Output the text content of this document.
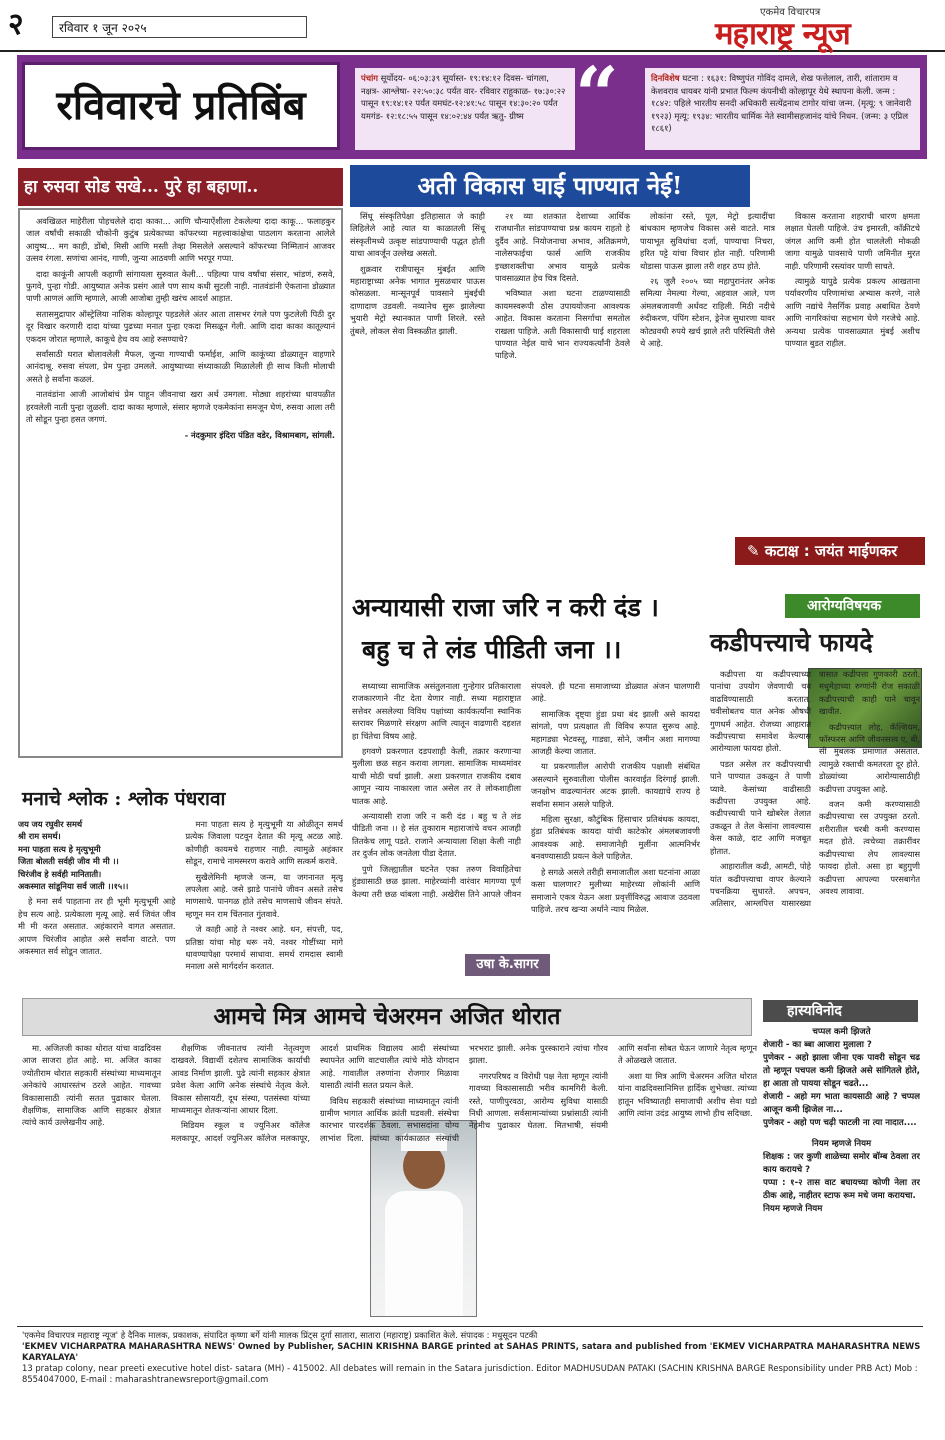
२	रविवार १ जून २०२५
एकमेव विचारपत्र
महाराष्ट्र न्यूज
रविवारचे प्रतिबिंब
पंचांग सूर्योदय- ०६:०३:३९ सूर्यास्त- १९:१४:१२ दिवस- चांगला, नक्षत्र- आश्लेषा- २२:५०:३८ पर्यंत वार- रविवार राहूकाळ- १७:३०:२२ पासून १९:१४:१२ पर्यंत यमघंट-१२:४१:५८ पासून १४:३०:२० पर्यंत यमगंड- १२:१८:५५ पासून १४:०२:४४ पर्यंत ऋतु- ग्रीष्म “	दिनविशेष घटना : १६३१: विष्णुपंत गोविंद दामले, शेख फत्तेलाल, तारी, शांताराम व केशवराव धायबर यांनी प्रभात फिल्म कंपनीची कोल्हापूर येथे स्थापना केली. जन्म : १८४२: पहिले भारतीय सनदी अधिकारी सत्येंद्रनाथ टागोर यांचा जन्म. (मृत्यू: ९ जानेवारी १९२३) मृत्यू: १९३४: भारतीय धार्मिक नेते स्वामीसहजानंद यांचे निधन. (जन्म: ३ एप्रिल १८६१)
हा रुसवा सोड सखे... पुरे हा बहाणा..

अवखिळत माहेरीला पोहचलेले दादा काका... आणि चौन्याऐंशीला टेकलेल्या दादा काकू... फलाहकुर जाल वर्षांची सकाळी चौकोनी कुटुंब प्रत्येकाच्या कॉफरच्या महत्त्वाकांक्षेचा पाठलाग करताना आलेले आयुष्य... मग काही, डोंबो, मिसी आणि मस्ती तेव्हा मिसलेले असल्याने कॉफरच्या निम्मितानं आजवर उत्सव रंगला. सणांचा आनंद, गाणी, जुन्या आठवणी आणि भरपूर गप्पा.

दादा काकूंनी आपली कहाणी सांगायला सुरुवात केली... पहिल्या पाच वर्षांचा संसार, भांडणं, रुसवे, फुगवे, पुन्हा गोडी. आयुष्यात अनेक प्रसंग आले पण साथ कधी सुटली नाही. नातवंडांनी ऐकताना डोळ्यात पाणी आणलं आणि म्हणाले, आजी आजोबा तुम्ही खरंच आदर्श आहात.

सतासमुद्रापार ऑस्ट्रेलिया नाशिक कोल्हापूर पहडलेले अंतर आता तासभर रंगले पण फुटलेली पिठी दुर दूर विखार करणारी दादा यांच्या पुढच्या मनात पुन्हा एकदा मिसळून गेली. आणि दादा काका कातूल्यानं एकदम जोरात म्हणाले, काकूचे हेच वय आहे रुसण्याचे?

सर्वांसाठी घरात बोलावलेली मैफल, जुन्या गाण्याची फर्माईश, आणि काकूंच्या डोळ्यातून वाहणारे आनंदाश्रू. रुसवा संपला, प्रेम पुन्हा उमलले. आयुष्याच्या संध्याकाळी मिळालेली ही साथ किती मोलाची असते हे सर्वांना कळलं.

नातवंडांना आजी आजोबांचं प्रेम पाहून जीवनाचा खरा अर्थ उमगला. मोठ्या शहरांच्या धावपळीत हरवलेली नाती पुन्हा जुळली. दादा काका म्हणाले, संसार म्हणजे एकमेकांना समजून घेणं, रुसवा आला तरी तो सोडून पुन्हा हसत जगणं.

- नंदकुमार इंदिरा पंडित वडेर, विश्रामबाग, सांगली.
अती विकास घाई पाण्यात नेई!

सिंधू संस्कृतिपेक्षा इतिहासात जे काही लिहिलेले आहे त्यात या काळातली सिंधू संस्कृतीमध्ये उत्कृष्ट सांडपाण्याची पद्धत होती याचा आवर्जून उल्लेख असतो.

शुक्रवार रात्रीपासून मुंबईत आणि महाराष्ट्राच्या अनेक भागात मुसळधार पाऊस कोसळला. मान्सूनपूर्व पावसाने मुंबईची दाणादाण उडवली. नव्यानेच सुरू झालेल्या भुयारी मेट्रो स्थानकात पाणी शिरले. रस्ते तुंबले, लोकल सेवा विस्कळीत झाली.

२१ व्या शतकात देशाच्या आर्थिक राजधानीत सांडपाण्याचा प्रश्न कायम राहतो हे दुर्दैव आहे. नियोजनाचा अभाव, अतिक्रमणे, नालेसफाईचा फार्स आणि राजकीय इच्छाशक्तीचा अभाव यामुळे प्रत्येक पावसाळ्यात हेच चित्र दिसते.

भविष्यात अशा घटना टाळण्यासाठी कायमस्वरूपी ठोस उपाययोजना आवश्यक आहेत. विकास करताना निसर्गाचा समतोल राखला पाहिजे. अती विकासाची घाई शहराला पाण्यात नेईल याचे भान राज्यकर्त्यांनी ठेवले पाहिजे.

लोकांना रस्ते, पूल, मेट्रो इत्यादींचा बांधकाम म्हणजेच विकास असे वाटते. मात्र पायाभूत सुविधांचा दर्जा, पाण्याचा निचरा, हरित पट्टे यांचा विचार होत नाही. परिणामी थोडासा पाऊस झाला तरी शहर ठप्प होते.

२६ जुलै २००५ च्या महापुरानंतर अनेक समित्या नेमल्या गेल्या, अहवाल आले, पण अंमलबजावणी अर्धवट राहिली. मिठी नदीचे रुंदीकरण, पंपिंग स्टेशन, ड्रेनेज सुधारणा यावर कोट्यवधी रुपये खर्च झाले तरी परिस्थिती जैसे थे आहे.

विकास करताना शहराची धारण क्षमता लक्षात घेतली पाहिजे. उंच इमारती, काँक्रीटचे जंगल आणि कमी होत चाललेली मोकळी जागा यामुळे पावसाचे पाणी जमिनीत मुरत नाही. परिणामी रस्त्यांवर पाणी साचते.

त्यामुळे यापुढे प्रत्येक प्रकल्प आखताना पर्यावरणीय परिणामांचा अभ्यास करणे, नाले आणि नद्यांचे नैसर्गिक प्रवाह अबाधित ठेवणे आणि नागरिकांचा सहभाग घेणे गरजेचे आहे. अन्यथा प्रत्येक पावसाळ्यात मुंबई अशीच पाण्यात बुडत राहील.

✎ कटाक्ष : जयंत माईणकर
अन्यायासी राजा जरि न करी दंड ।
बहु च ते लंड पीडिती जना ।।

सध्याच्या सामाजिक असंतुलनाला गुन्हेगार प्रतिकाराला राजकारणाने नीट देता येणार नाही. सध्या महाराष्ट्रात सत्तेवर असलेल्या विविध पक्षांच्या कार्यकर्त्यांना स्थानिक स्तरावर मिळणारे संरक्षण आणि त्यातून वाढणारी दहशत हा चिंतेचा विषय आहे.

हगवणे प्रकरणात दडपशाही केली, तक्रार करणाऱ्या मुलीला छळ सहन करावा लागला. सामाजिक माध्यमांवर याची मोठी चर्चा झाली. अशा प्रकरणात राजकीय दबाव आणून न्याय नाकारला जात असेल तर ते लोकशाहीला घातक आहे.

अन्यायासी राजा जरि न करी दंड । बहु च ते लंड पीडिती जना ।। हे संत तुकाराम महाराजांचे वचन आजही तितकेच लागू पडते. राजाने अन्यायाला शिक्षा केली नाही तर दुर्जन लोक जनतेला पीडा देतात.

पुणे जिल्ह्यातील घटनेत एका तरुण विवाहितेचा हुंड्यासाठी छळ झाला. माहेरच्यांनी वारंवार मागण्या पूर्ण केल्या तरी छळ थांबला नाही. अखेरीस तिने आपले जीवन संपवले. ही घटना समाजाच्या डोळ्यात अंजन घालणारी आहे.

सामाजिक दृष्ट्या हुंडा प्रथा बंद झाली असे कायदा सांगतो, पण प्रत्यक्षात ती विविध रूपात सुरूच आहे. महागड्या भेटवस्तू, गाड्या, सोने, जमीन अशा मागण्या आजही केल्या जातात.

या प्रकरणातील आरोपी राजकीय पक्षाशी संबंधित असल्याने सुरुवातीला पोलीस कारवाईत दिरंगाई झाली. जनक्षोभ वाढल्यानंतर अटक झाली. कायद्याचे राज्य हे सर्वांना समान असले पाहिजे.

महिला सुरक्षा, कौटुंबिक हिंसाचार प्रतिबंधक कायदा, हुंडा प्रतिबंधक कायदा यांची काटेकोर अंमलबजावणी आवश्यक आहे. समाजानेही मुलींना आत्मनिर्भर बनवण्यासाठी प्रयत्न केले पाहिजेत.

हे सगळे असले तरीही समाजातील अशा घटनांना आळा कसा घालणार? मुलीच्या माहेरच्या लोकांनी आणि समाजाने एकत्र येऊन अशा प्रवृत्तींविरुद्ध आवाज उठवला पाहिजे. तरच खऱ्या अर्थाने न्याय मिळेल.

उषा के.सागर
आरोग्यविषयक
कडीपत्त्याचे फायदे

कढीपत्ता या कढीपत्त्याच्या पानांचा उपयोग जेवणाची चव वाढविण्यासाठी करतात. चवीसोबतच यात अनेक औषधी गुणधर्म आहेत. रोजच्या आहारात कढीपत्त्याचा समावेश केल्यास आरोग्याला फायदा होतो.

पडत असेल तर कढीपत्त्याची पाने पाण्यात उकळून ते पाणी प्यावे. केसांच्या वाढीसाठी कढीपत्ता उपयुक्त आहे. कढीपत्त्याची पाने खोबरेल तेलात उकळून ते तेल केसांना लावल्यास केस काळे, दाट आणि मजबूत होतात.

आहारातील कढी, आमटी, पोहे यांत कढीपत्त्याचा वापर केल्याने पचनक्रिया सुधारते. अपचन, अतिसार, आम्लपित्त यासारख्या त्रासात कढीपत्ता गुणकारी ठरतो. मधुमेहाच्या रुग्णांनी रोज सकाळी कढीपत्त्याची काही पाने चावून खावीत.

कढीपत्त्यात लोह, कॅल्शियम, फॉस्फरस आणि जीवनसत्त्व ए, बी, सी मुबलक प्रमाणात असतात. त्यामुळे रक्ताची कमतरता दूर होते. डोळ्यांच्या आरोग्यासाठीही कढीपत्ता उपयुक्त आहे.

वजन कमी करण्यासाठी कढीपत्त्याचा रस उपयुक्त ठरतो. शरीरातील चरबी कमी करण्यास मदत होते. त्वचेच्या तक्रारींवर कढीपत्त्याचा लेप लावल्यास फायदा होतो. असा हा बहुगुणी कढीपत्ता आपल्या परसबागेत अवश्य लावावा.

मनाचे श्लोक : श्लोक पंधरावा
जय जय रघुवीर समर्थ
श्री राम समर्थ।
मना पाहता सत्य हे मृत्युभूमी
जिता बोलती सर्वही जीव मी मी ।।
चिरंजीव हे सर्वही मानिताती।
अकस्मात सांडूनिया सर्व जाती ।।१५।।

हे मना सर्व पाहताना तर ही भूमी मृत्युभूमी आहे हेच सत्य आहे. प्रत्येकाला मृत्यू आहे. सर्व जिवंत जीव मी मी करत असतात. अहंकाराने वागत असतात. आपण चिरंजीव आहोत असे सर्वांना वाटते. पण अकस्मात सर्व सोडून जातात.

मना पाहता सत्य हे मृत्युभूमी या ओळीतून समर्थ प्रत्येक जिवाला पटवून देतात की मृत्यू अटळ आहे. कोणीही कायमचे राहणार नाही. त्यामुळे अहंकार सोडून, रामाचे नामस्मरण करावे आणि सत्कर्म करावे.

सुखैलेमिनी म्हणजे जन्म, या जगनानत मृत्यू लपलेला आहे. जसे झाडे पानांचे जीवन असते तसेच माणसाचे. पानगळ होते तसेच माणसाचे जीवन संपते. म्हणून मन राम चिंतनात गुंतवावे.

जे काही आहे ते नश्वर आहे. धन, संपत्ती, पद, प्रतिष्ठा यांचा मोह धरू नये. नश्वर गोष्टींच्या मागे धावण्यापेक्षा परमार्थ साधावा. समर्थ रामदास स्वामी मनाला असे मार्गदर्शन करतात.

आमचे मित्र आमचे चेअरमन अजित थोरात

मा. अजितजी काका थोरात यांचा वाढदिवस आज साजरा होत आहे. मा. अजित काका ज्योतीराम थोरात सहकारी संस्थांच्या माध्यमातून अनेकांचे आधारस्तंभ ठरले आहेत. गावच्या विकासासाठी त्यांनी सतत पुढाकार घेतला. शैक्षणिक, सामाजिक आणि सहकार क्षेत्रात त्यांचे कार्य उल्लेखनीय आहे.

शैक्षणिक जीवनातच त्यांनी नेतृत्वगुण दाखवले. विद्यार्थी दशेतच सामाजिक कार्याची आवड निर्माण झाली. पुढे त्यांनी सहकार क्षेत्रात प्रवेश केला आणि अनेक संस्थांचे नेतृत्व केले. विकास सोसायटी, दूध संस्था, पतसंस्था यांच्या माध्यमातून शेतकऱ्यांना आधार दिला.

मिडियम स्कूल व ज्युनिअर कॉलेज मलकापूर, आदर्श ज्युनिअर कॉलेज मलकापूर, आदर्श प्राथमिक विद्यालय आदी संस्थांच्या स्थापनेत आणि वाटचालीत त्यांचे मोठे योगदान आहे. गावातील तरुणांना रोजगार मिळावा यासाठी त्यांनी सतत प्रयत्न केले.

विविध सहकारी संस्थांच्या माध्यमातून त्यांनी ग्रामीण भागात आर्थिक क्रांती घडवली. संस्थेचा कारभार पारदर्शक ठेवला. सभासदांना योग्य लाभांश दिला. त्यांच्या कार्यकाळात संस्थांची भरभराट झाली. अनेक पुरस्काराने त्यांचा गौरव झाला.

नगरपरिषद व विरोधी पक्ष नेता म्हणून त्यांनी गावच्या विकासासाठी भरीव कामगिरी केली. रस्ते, पाणीपुरवठा, आरोग्य सुविधा यासाठी निधी आणला. सर्वसामान्यांच्या प्रश्नांसाठी त्यांनी नेहमीच पुढाकार घेतला. मितभाषी, संयमी आणि सर्वांना सोबत घेऊन जाणारे नेतृत्व म्हणून ते ओळखले जातात.

अशा या मित्र आणि चेअरमन अजित थोरात यांना वाढदिवसानिमित्त हार्दिक शुभेच्छा. त्यांच्या हातून भविष्यातही समाजाची अशीच सेवा घडो आणि त्यांना उदंड आयुष्य लाभो हीच सदिच्छा.

हास्यविनोद
चप्पल कमी झिजते
शेजारी - का ब्बा आजारा मुलाला ?
पुणेकर - अहो झाला जीना एक पावरी सोडून चढ तो म्हणून पचपल कमी झिजते असे सांगितले होते, हा आता तो पायया सोडून चढते...
शेजारी - अहो मग भाता कायसाठी आहे ? चप्पल आजून कमी झिजेल ना...
पुणेकर - अहो पण चढ़ी फाटली ना त्या नादात....
नियम म्हणजे नियम
शिक्षक : जर कुणी शाळेच्या समोर बॉम्ब ठेवला तर काय करायचे ?
पप्पा : १-२ तास वाट बघायच्या कोणी नेला तर ठीक आहे, नाहीतर स्टाफ रूम मधे जमा करायचा.
नियम म्हणजे नियम
'एकमेव विचारपत्र महाराष्ट्र न्यूज' हे दैनिक मालक, प्रकाशक, संपादित कृष्णा बर्गे यांनी मालक प्रिंट्स दुर्गा सातारा, सातारा (महाराष्ट्र) प्रकाशित केले. संपादक : मधुसूदन पटकी
'EKMEV VICHARPATRA MAHARASHTRA NEWS' Owned by Publisher, SACHIN KRISHNA BARGE printed at SAHAS PRINTS, satara and published from 'EKMEV VICHARPATRA MAHARASHTRA NEWS KARYALAYA'
13 pratap colony, near preeti executive hotel dist- satara (MH) - 415002. All debates will remain in the Satara jurisdiction. Editor MADHUSUDAN PATAKI (SACHIN KRISHNA BARGE Responsibility under PRB Act) Mob : 8554047000, E-mail : maharashtranewsreport@gmail.com
